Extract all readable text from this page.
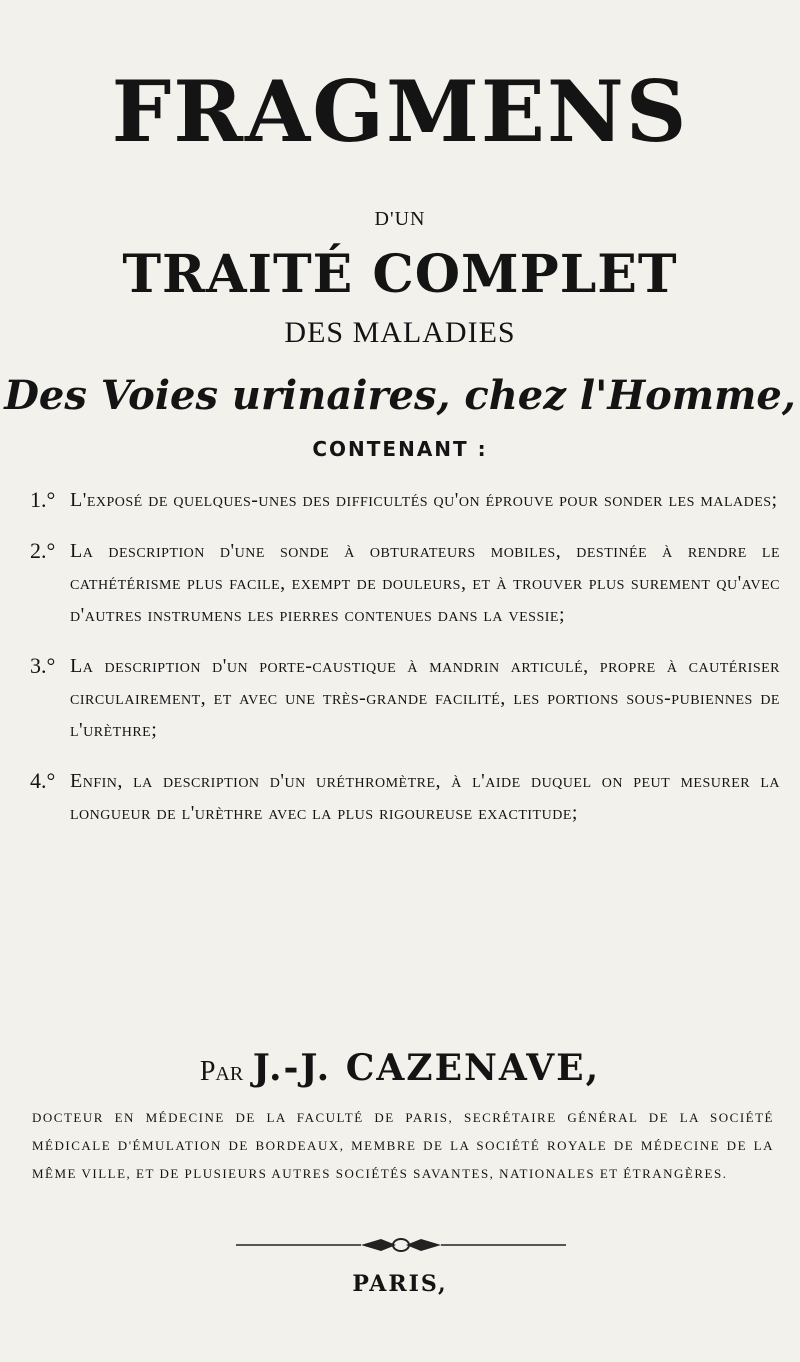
FRAGMENS
D'UN
TRAITÉ COMPLET
DES MALADIES
Des Voies urinaires, chez l'Homme,
CONTENANT :
1.° L'exposé de quelques-unes des difficultés qu'on éprouve pour sonder les malades;
2.° La description d'une sonde à obturateurs mobiles, destinée à rendre le cathétérisme plus facile, exempt de douleurs, et à trouver plus surement qu'avec d'autres instrumens les pierres contenues dans la vessie;
3.° La description d'un porte-caustique à mandrin articulé, propre à cautériser circulairement, et avec une très-grande facilité, les portions sous-pubiennes de l'urèthre;
4.° Enfin, la description d'un uréthromètre, à l'aide duquel on peut mesurer la longueur de l'urèthre avec la plus rigoureuse exactitude;
Par J.-J. CAZENAVE,
DOCTEUR EN MÉDECINE DE LA FACULTÉ DE PARIS, SECRÉTAIRE GÉNÉRAL DE LA SOCIÉTÉ MÉDICALE D'ÉMULATION DE BORDEAUX, MEMBRE DE LA SOCIÉTÉ ROYALE DE MÉDECINE DE LA MÊME VILLE, ET DE PLUSIEURS AUTRES SOCIÉTÉS SAVANTES, NATIONALES ET ÉTRANGÈRES.
PARIS,
